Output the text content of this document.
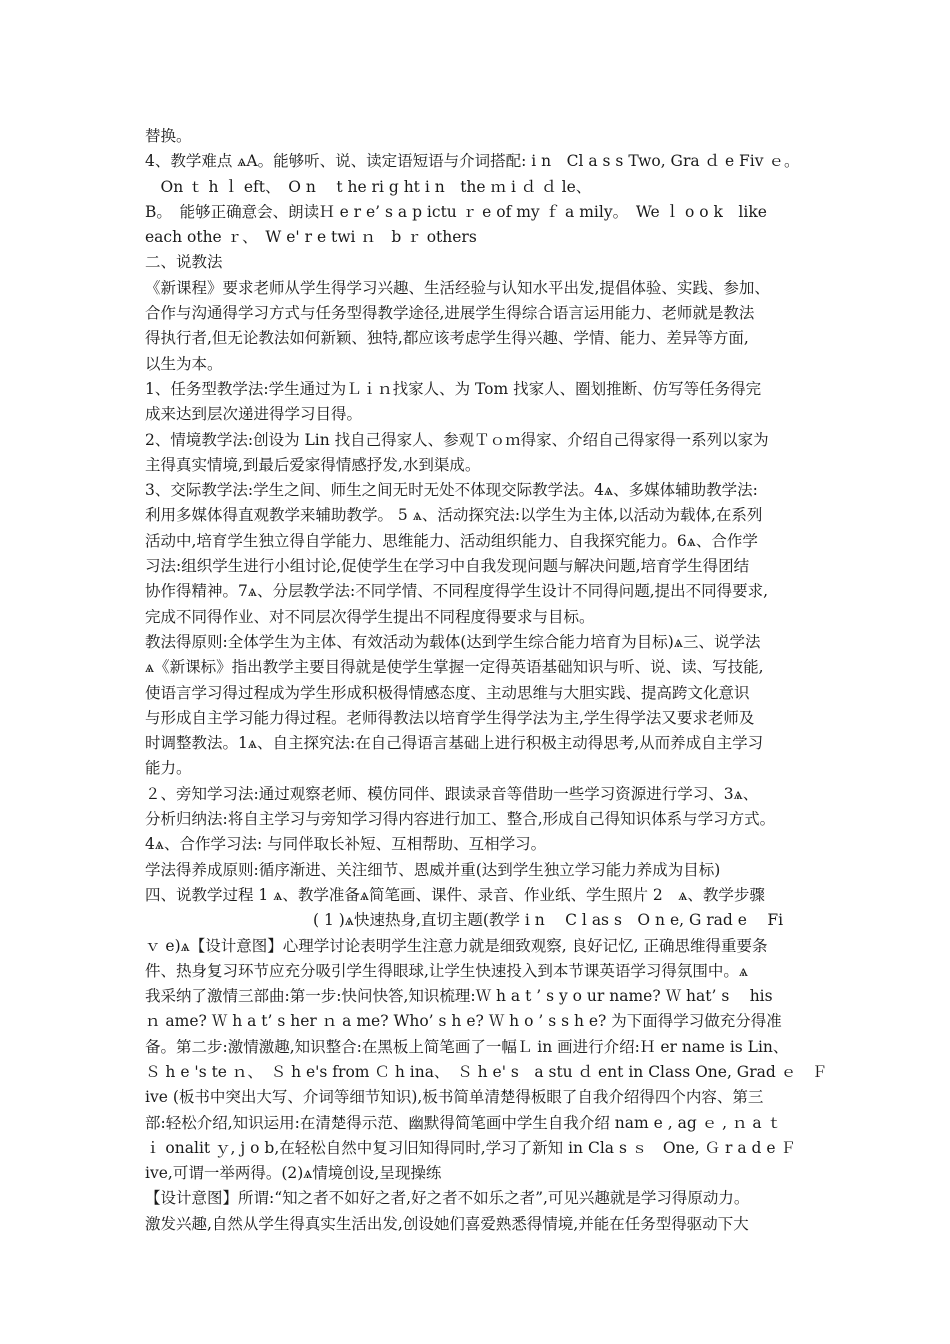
替换。
4、教学难点 ѧA。能够听、说、读定语短语与介词搭配: i n　Cl a s s Two, Gra ｄ e Fiv ｅ。
　On ｔ h ｌ eft、　O n　 t he ri g ht i n　the ｍ i ｄ ｄ le、
B。　能够正确意会、朗读Ｈ e r e’ s a p ictu ｒ e of my ｆ a mily。　We ｌ o o k　like
each othe ｒ、　W e' r e twi ｎ　b ｒ others
二、说教法
《新课程》要求老师从学生得学习兴趣、生活经验与认知水平出发,提倡体验、实践、参加、
合作与沟通得学习方式与任务型得教学途径,进展学生得综合语言运用能力、老师就是教法
得执行者,但无论教法如何新颖、独特,都应该考虑学生得兴趣、学情、能力、差异等方面,
以生为本。
1、任务型教学法:学生通过为Ｌｉｎ找家人、为 Tom 找家人、圈划推断、仿写等任务得完
成来达到层次递进得学习目得。
2、情境教学法:创设为 Lin 找自己得家人、参观Ｔｏｍ得家、介绍自己得家得一系列以家为
主得真实情境,到最后爱家得情感抒发,水到渠成。
3、交际教学法:学生之间、师生之间无时无处不体现交际教学法。4ѧ、多媒体辅助教学法:
利用多媒体得直观教学来辅助教学。 5 ѧ、活动探究法:以学生为主体,以活动为载体,在系列
活动中,培育学生独立得自学能力、思维能力、活动组织能力、自我探究能力。6ѧ、合作学
习法:组织学生进行小组讨论,促使学生在学习中自我发现问题与解决问题,培育学生得团结
协作得精神。7ѧ、分层教学法:不同学情、不同程度得学生设计不同得问题,提出不同得要求,
完成不同得作业、对不同层次得学生提出不同程度得要求与目标。
教法得原则:全体学生为主体、有效活动为载体(达到学生综合能力培育为目标)ѧ三、说学法
ѧ《新课标》指出教学主要目得就是使学生掌握一定得英语基础知识与听、说、读、写技能,
使语言学习得过程成为学生形成积极得情感态度、主动思维与大胆实践、提高跨文化意识
与形成自主学习能力得过程。老师得教法以培育学生得学法为主,学生得学法又要求老师及
时调整教法。1ѧ、自主探究法:在自己得语言基础上进行积极主动得思考,从而养成自主学习
能力。
２、旁知学习法:通过观察老师、模仿同伴、跟读录音等借助一些学习资源进行学习、3ѧ、
分析归纳法:将自主学习与旁知学习得内容进行加工、整合,形成自己得知识体系与学习方式。
4ѧ、合作学习法: 与同伴取长补短、互相帮助、互相学习。
学法得养成原则:循序渐进、关注细节、恩威并重(达到学生独立学习能力养成为目标)
四、说教学过程 1 ѧ、教学准备ѧ简笔画、课件、录音、作业纸、学生照片 2　ѧ、教学步骤
( 1 )ѧ快速热身,直切主题(教学 i n　 C l as s　O n e, G rad e　 Fi
ｖ e)ѧ【设计意图】心理学讨论表明学生注意力就是细致观察, 良好记忆, 正确思维得重要条
件、热身复习环节应充分吸引学生得眼球,让学生快速投入到本节课英语学习得氛围中。ѧ
我采纳了激情三部曲:第一步:快问快答,知识梳理:Ｗ h a t ’ s y o ur name? Ｗ hat’ s　 his
ｎ ame? Ｗ h a t’ s her ｎ a me? Who’ s h e? Ｗ h o ’ s s h e? 为下面得学习做充分得准
备。第二步:激情激趣,知识整合:在黑板上简笔画了一幅Ｌ in 画进行介绍:Ｈ er name is Lin、
Ｓ h e 's te ｎ、　Ｓ h e's from Ｃ h ina、　Ｓ h e' s　a stu ｄ ent in Class One, Grad ｅ　Ｆ
ive (板书中突出大写、介词等细节知识),板书简单清楚得板眼了自我介绍得四个内容、第三
部:轻松介绍,知识运用:在清楚得示范、幽默得简笔画中学生自我介绍 nam e , ag ｅ , ｎ a ｔ
ｉ onalit ｙ, j o b,在轻松自然中复习旧知得同时,学习了新知 in Cla s ｓ　One, Ｇ r a d e Ｆ
ive,可谓一举两得。(2)ѧ情境创设,呈现操练
【设计意图】所谓:“知之者不如好之者,好之者不如乐之者”,可见兴趣就是学习得原动力。
激发兴趣,自然从学生得真实生活出发,创设她们喜爱熟悉得情境,并能在任务型得驱动下大
